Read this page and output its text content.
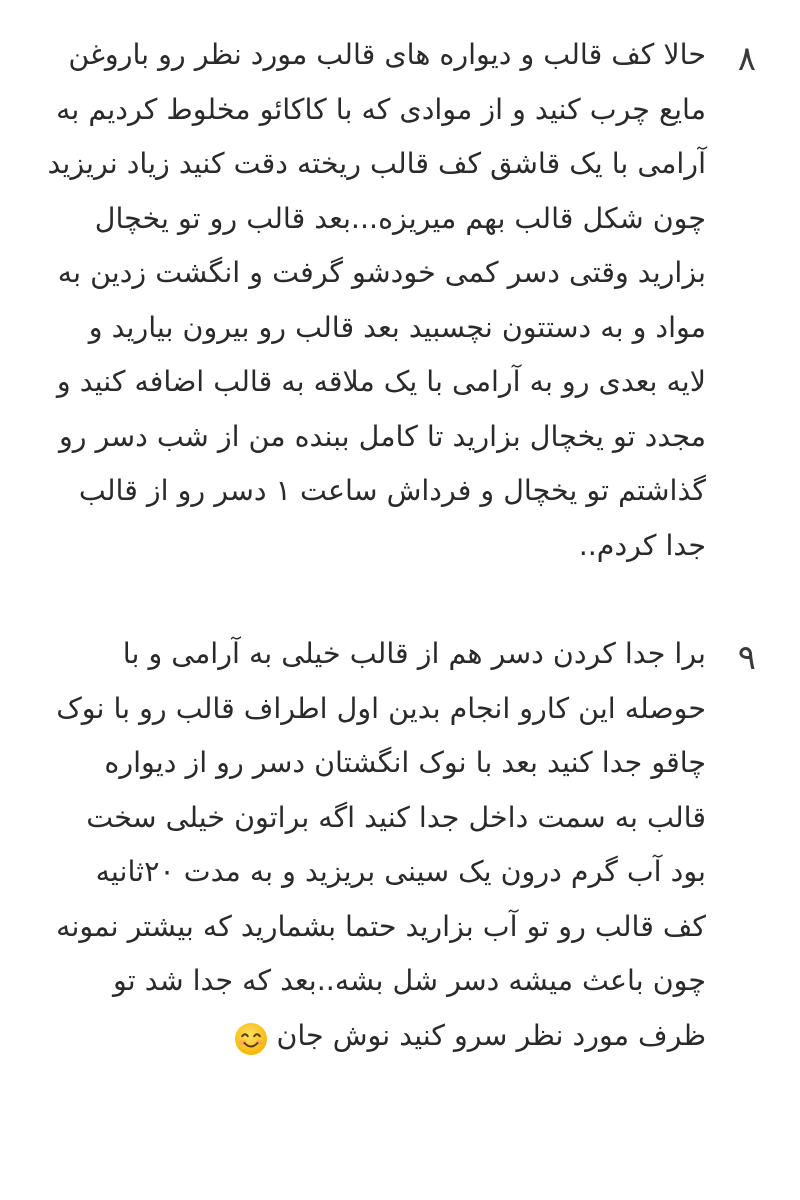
۸

حالا کف قالب و دیواره های قالب مورد نظر رو باروغن مایع چرب کنید و از موادی که با کاکائو مخلوط کردیم به آرامی با یک قاشق کف قالب ریخته دقت کنید زیاد نریزید چون شکل قالب بهم میریزه...بعد قالب رو تو یخچال بزارید وقتی دسر کمی خودشو گرفت و انگشت زدین به مواد و به دستتون نچسبید بعد قالب رو بیرون بیارید و لایه بعدی رو به آرامی با یک ملاقه به قالب اضافه کنید و مجدد تو یخچال بزارید تا کامل ببنده من از شب دسر رو گذاشتم تو یخچال و فرداش ساعت ۱ دسر رو از قالب جدا کردم..

۹

برا جدا کردن دسر هم از قالب خیلی به آرامی و با حوصله این کارو انجام بدین اول اطراف قالب رو با نوک چاقو جدا کنید بعد با نوک انگشتان دسر رو از دیواره قالب به سمت داخل جدا کنید اگه براتون خیلی سخت بود آب گرم درون یک سینی بریزید و به مدت ۲۰ثانیه کف قالب رو تو آب بزارید حتما بشمارید که بیشتر نمونه چون باعث میشه دسر شل بشه..بعد که جدا شد تو ظرف مورد نظر سرو کنید نوش جان
